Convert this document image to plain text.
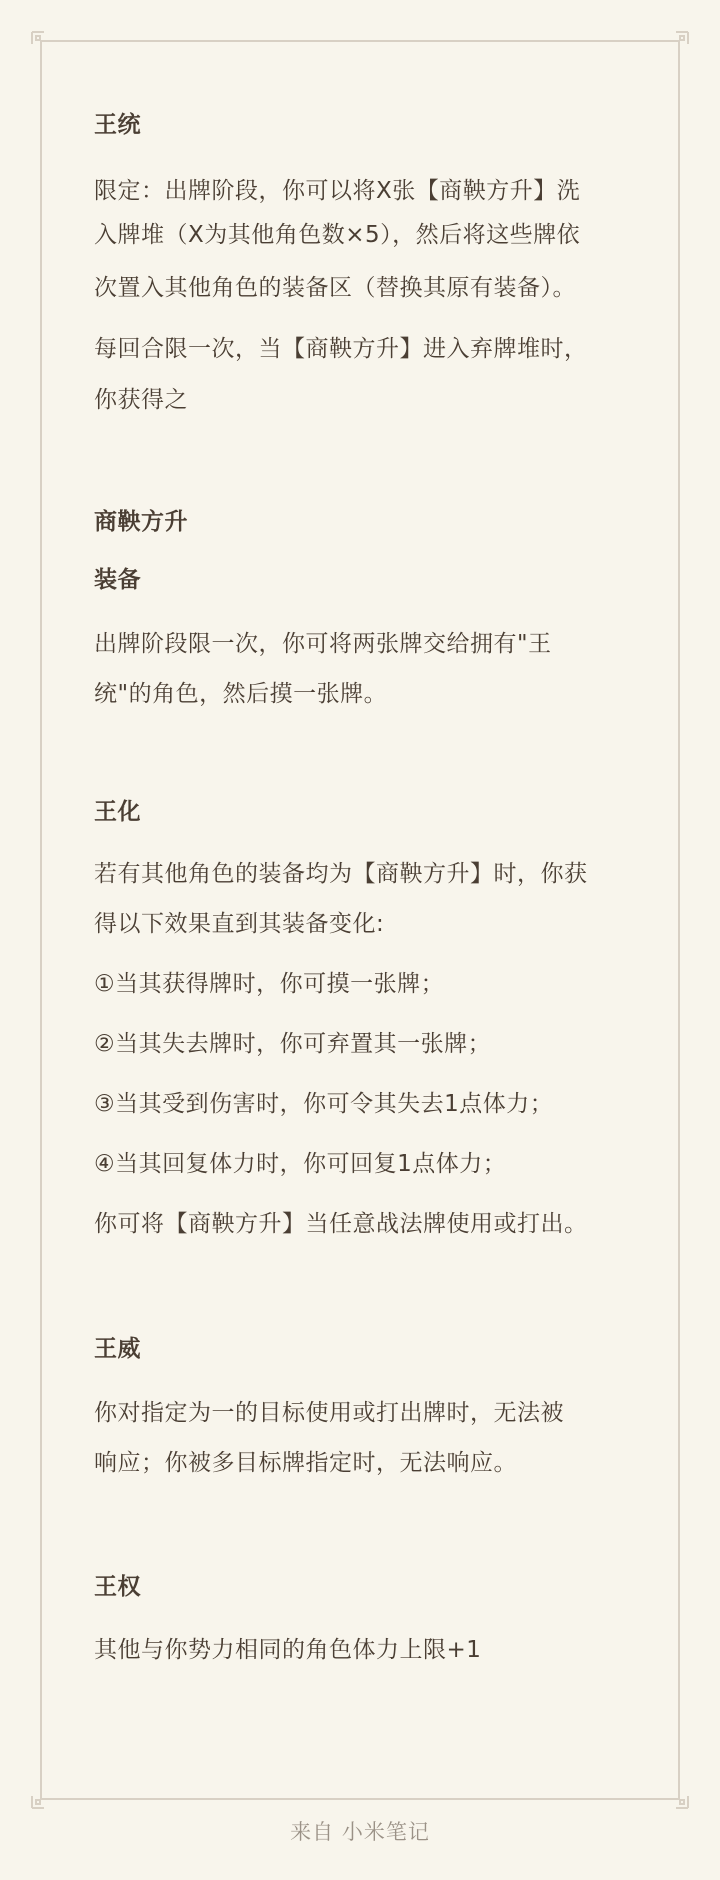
王统

限定：出牌阶段，你可以将X张【商鞅方升】洗

入牌堆（X为其他角色数×5），然后将这些牌依

次置入其他角色的装备区（替换其原有装备）。

每回合限一次，当【商鞅方升】进入弃牌堆时，

你获得之

商鞅方升

装备

出牌阶段限一次，你可将两张牌交给拥有"王

统"的角色，然后摸一张牌。

王化

若有其他角色的装备均为【商鞅方升】时，你获

得以下效果直到其装备变化:

①当其获得牌时，你可摸一张牌；

②当其失去牌时，你可弃置其一张牌；

③当其受到伤害时，你可令其失去1点体力；

④当其回复体力时，你可回复1点体力；

你可将【商鞅方升】当任意战法牌使用或打出。

王威

你对指定为一的目标使用或打出牌时，无法被

响应；你被多目标牌指定时，无法响应。

王权

其他与你势力相同的角色体力上限+1

来自 小米笔记
